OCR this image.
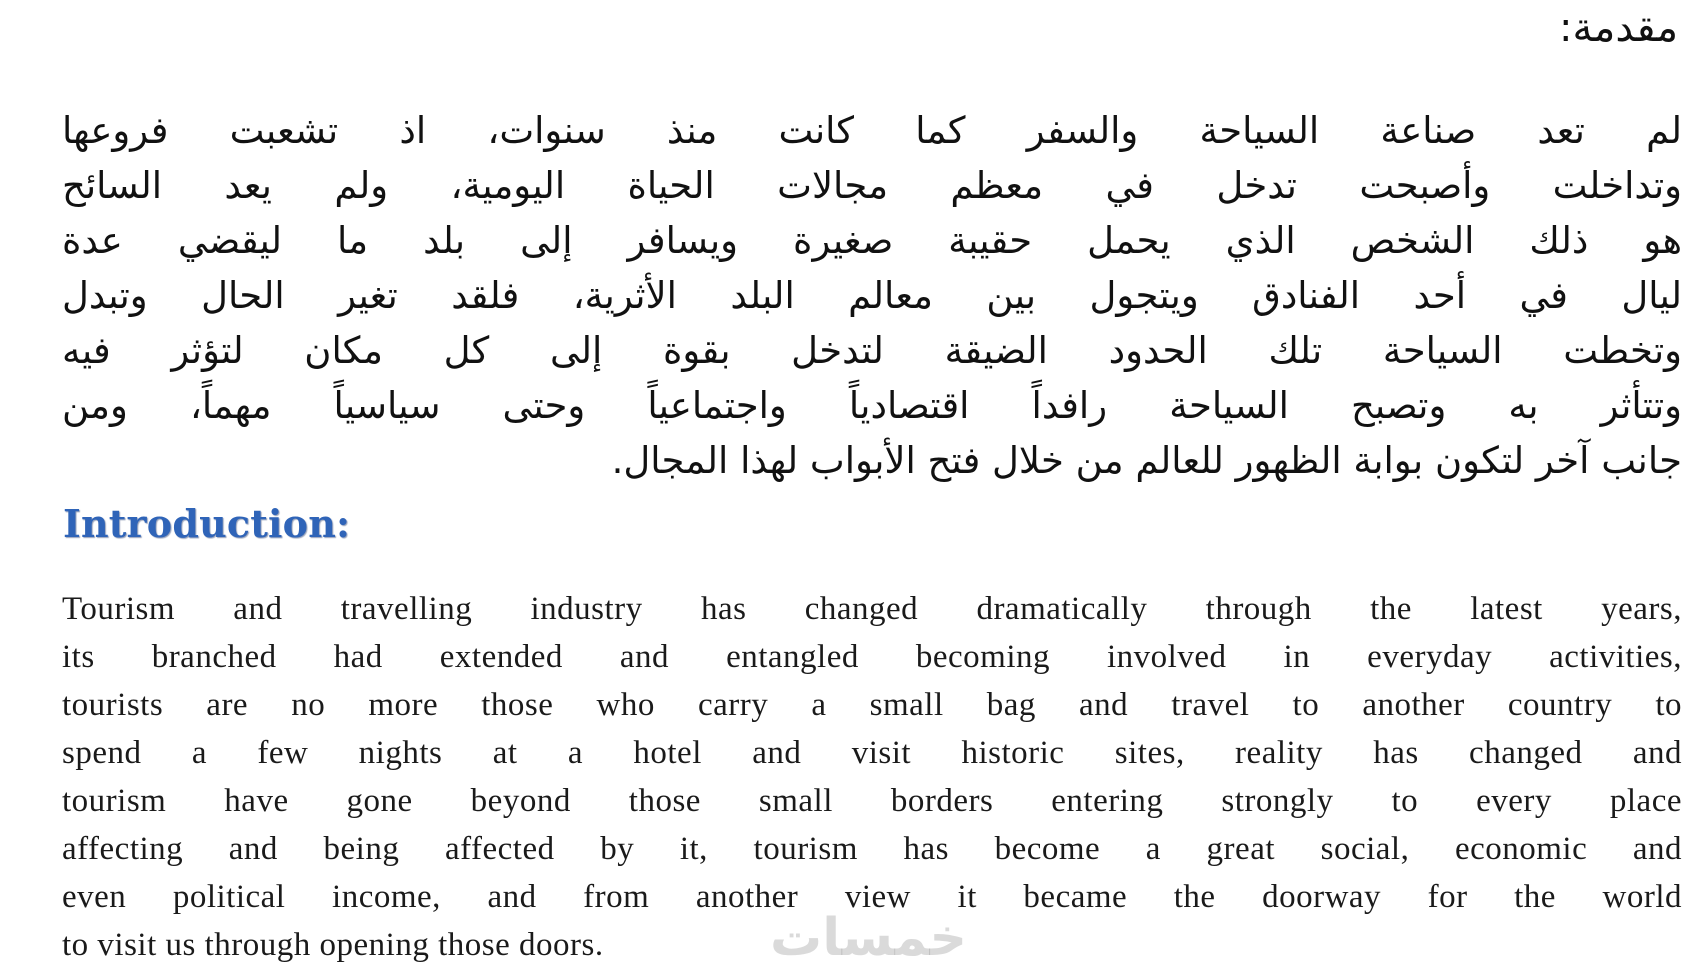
مقدمة:
لم تعد صناعة السياحة والسفر كما كانت منذ سنوات، اذ تشعبت فروعها
وتداخلت وأصبحت تدخل في معظم مجالات الحياة اليومية، ولم يعد السائح
هو ذلك الشخص الذي يحمل حقيبة صغيرة ويسافر إلى بلد ما ليقضي عدة
ليال في أحد الفنادق ويتجول بين معالم البلد الأثرية، فلقد تغير الحال وتبدل
وتخطت السياحة تلك الحدود الضيقة لتدخل بقوة إلى كل مكان لتؤثر فيه
وتتأثر به وتصبح السياحة رافداً اقتصادياً واجتماعياً وحتى سياسياً مهماً، ومن
جانب آخر لتكون بوابة الظهور للعالم من خلال فتح الأبواب لهذا المجال.
Introduction:
Tourism and travelling industry has changed dramatically through the latest years,
its branched had extended and entangled becoming involved in everyday activities,
tourists are no more those who carry a small bag and travel to another country to
spend a few nights at a hotel and visit historic sites, reality has changed and
tourism have gone beyond those small borders entering strongly to every place
affecting and being affected by it, tourism has become a great social, economic and
even political income, and from another view it became the doorway for the world
to visit us through opening those doors.	خمسات
